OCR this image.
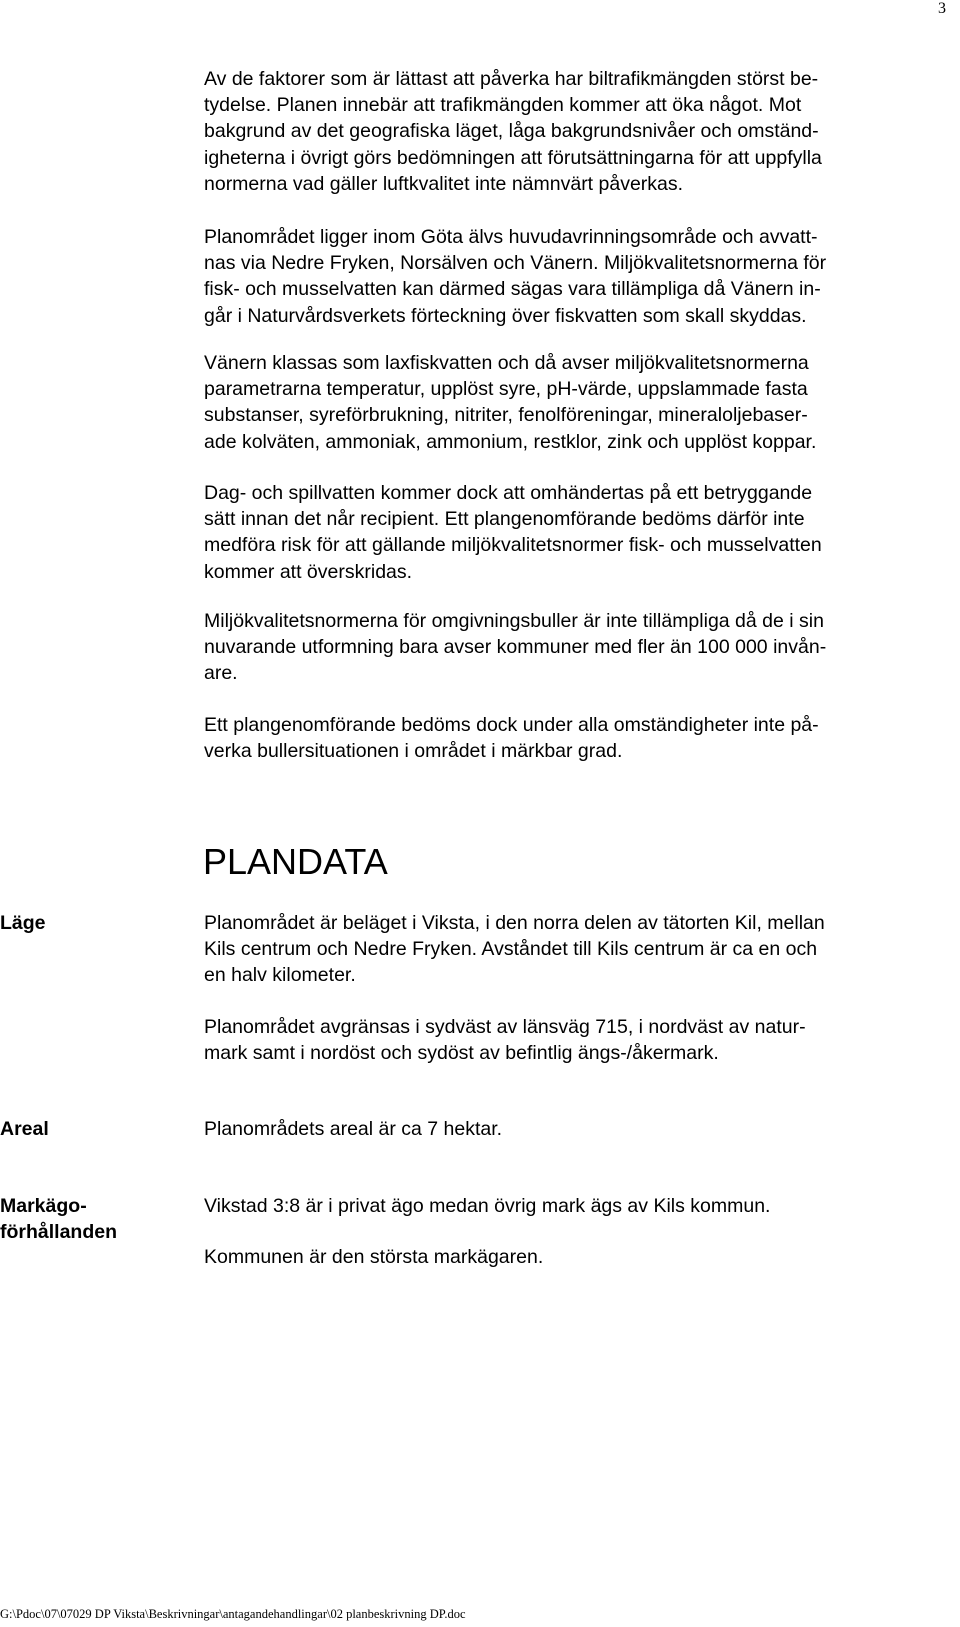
3
Av de faktorer som är lättast att påverka har biltrafikmängden störst be-
tydelse. Planen innebär att trafikmängden kommer att öka något. Mot
bakgrund av det geografiska läget, låga bakgrundsnivåer och omständ-
igheterna i övrigt görs bedömningen att förutsättningarna för att uppfylla
normerna vad gäller luftkvalitet inte nämnvärt påverkas.
Planområdet ligger inom Göta älvs huvudavrinningsområde och avvatt-
nas via Nedre Fryken, Norsälven och Vänern. Miljökvalitetsnormerna för
fisk- och musselvatten kan därmed sägas vara tillämpliga då Vänern in-
går i Naturvårdsverkets förteckning över fiskvatten som skall skyddas.
Vänern klassas som laxfiskvatten och då avser miljökvalitetsnormerna
parametrarna temperatur, upplöst syre, pH-värde, uppslammade fasta
substanser, syreförbrukning, nitriter, fenolföreningar, mineraloljebaser-
ade kolväten, ammoniak, ammonium, restklor, zink och upplöst koppar.
Dag- och spillvatten kommer dock att omhändertas på ett betryggande
sätt innan det når recipient. Ett plangenomförande bedöms därför inte
medföra risk för att gällande miljökvalitetsnormer fisk- och musselvatten
kommer att överskridas.
Miljökvalitetsnormerna för omgivningsbuller är inte tillämpliga då de i sin
nuvarande utformning bara avser kommuner med fler än 100 000 invån-
are.
Ett plangenomförande bedöms dock under alla omständigheter inte på-
verka bullersituationen i området i märkbar grad.
PLANDATA
Läge	Planområdet är beläget i Viksta, i den norra delen av tätorten Kil, mellan
Kils centrum och Nedre Fryken. Avståndet till Kils centrum är ca en och
en halv kilometer.
Planområdet avgränsas i sydväst av länsväg 715, i nordväst av natur-
mark samt i nordöst och sydöst av befintlig ängs-/åkermark.
Areal	Planområdets areal är ca 7 hektar.
Markägo-
förhållanden
Vikstad 3:8 är i privat ägo medan övrig mark ägs av Kils kommun.
Kommunen är den största markägaren.
G:\Pdoc\07\07029 DP Viksta\Beskrivningar\antagandehandlingar\02 planbeskrivning DP.doc
